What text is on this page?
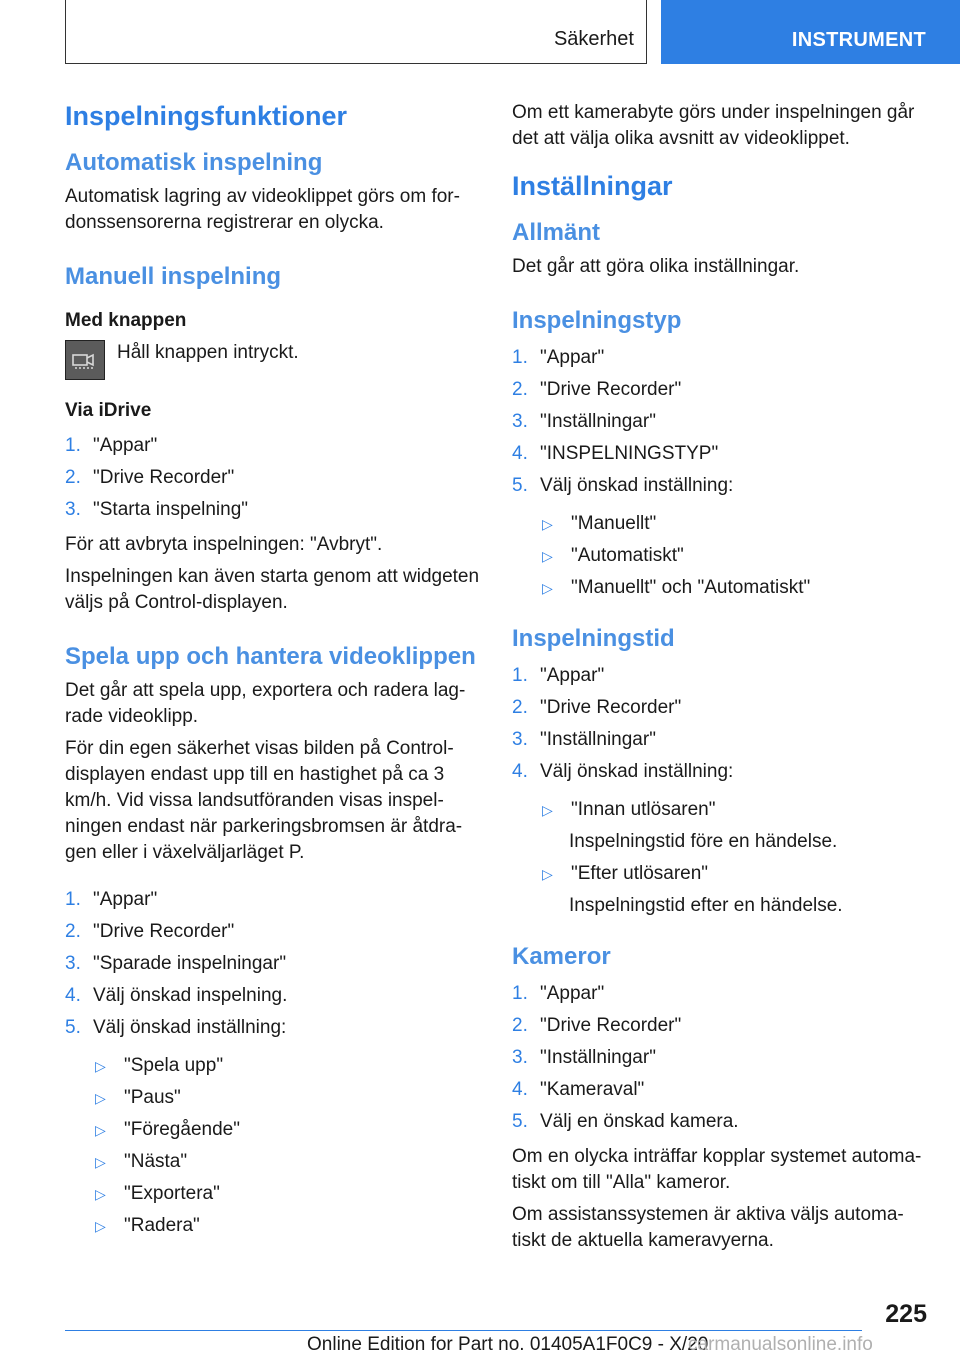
Säkerhet	INSTRUMENT
Inspelningsfunktioner
Automatisk inspelning

Automatisk lagring av videoklippet görs om for-donssensorerna registrerar en olycka.

Manuell inspelning
Med knappen
Håll knappen intryckt.
Via iDrive
1. "Appar"
2. "Drive Recorder"
3. "Starta inspelning"

För att avbryta inspelningen: "Avbryt".

Inspelningen kan även starta genom att widgeten väljs på Control-displayen.

Spela upp och hantera videoklippen

Det går att spela upp, exportera och radera lag-rade videoklipp.

För din egen säkerhet visas bilden på Control-displayen endast upp till en hastighet på ca 3 km/h. Vid vissa landsutföranden visas inspel-ningen endast när parkeringsbromsen är åtdra-gen eller i växelväljarläget P.

1. "Appar"
2. "Drive Recorder"
3. "Sparade inspelningar"
4. Välj önskad inspelning.
5. Välj önskad inställning:
▷ "Spela upp"
▷ "Paus"
▷ "Föregående"
▷ "Nästa"
▷ "Exportera"
▷ "Radera"

Om ett kamerabyte görs under inspelningen går det att välja olika avsnitt av videoklippet.

Inställningar
Allmänt

Det går att göra olika inställningar.

Inspelningstyp
1. "Appar"
2. "Drive Recorder"
3. "Inställningar"
4. "INSPELNINGSTYP"
5. Välj önskad inställning:
▷ "Manuellt"
▷ "Automatiskt"
▷ "Manuellt" och "Automatiskt"
Inspelningstid
1. "Appar"
2. "Drive Recorder"
3. "Inställningar"
4. Välj önskad inställning:
▷ "Innan utlösaren"
Inspelningstid före en händelse.
▷ "Efter utlösaren"
Inspelningstid efter en händelse.
Kameror
1. "Appar"
2. "Drive Recorder"
3. "Inställningar"
4. "Kameraval"
5. Välj en önskad kamera.

Om en olycka inträffar kopplar systemet automa-tiskt om till "Alla" kameror.

Om assistanssystemen är aktiva väljs automa-tiskt de aktuella kameravyerna.

225
Online Edition for Part no. 01405A1F0C9 - X/20
carmanualsonline.info
